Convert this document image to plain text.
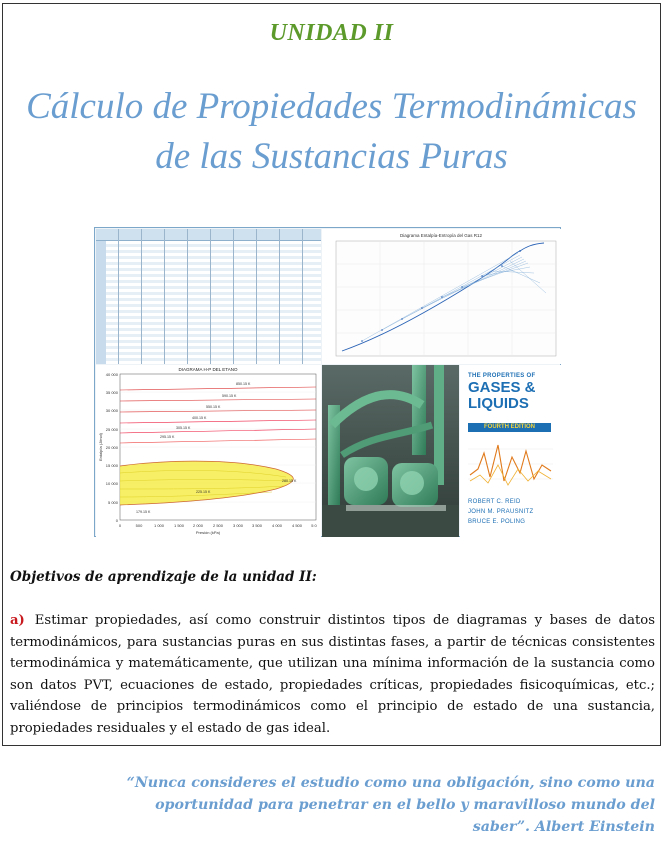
UNIDAD II
Cálculo de Propiedades Termodinámicas
de las Sustancias Puras
Diagrama Entalpía-Entropía del Gas R12
DIAGRAMA H-P DEL ETANO
40 000
35 000
30 000
25 000
20 000
15 000
10 000
5 000
0
0	500	1 000 1 500 2 000 2 500 3 000 3 500 4 000 4 500 5 0
Presión (kPa)
Entalpía (J/mol)
850.15 K
590.15 K
550.15 K
400.15 K
305.15 K
295.15 K
280.15 K
225.15 K
179.15 K
THE PROPERTIES OF
GASES &
LIQUIDS
FOURTH EDITION
ROBERT C. REID
JOHN M. PRAUSNITZ
BRUCE E. POLING
Objetivos de aprendizaje de la unidad II:
a) Estimar propiedades, así como construir distintos tipos de diagramas y bases de datos termodinámicos, para sustancias puras en sus distintas fases, a partir de técnicas consistentes termodinámica y matemáticamente, que utilizan una mínima información de la sustancia como son datos PVT, ecuaciones de estado, propiedades críticas, propiedades fisicoquímicas, etc.; valiéndose de principios termodinámicos como el principio de estado de una sustancia, propiedades residuales y el estado de gas ideal.
“Nunca consideres el estudio como una obligación, sino como una
oportunidad para penetrar en el bello y maravilloso mundo del
saber”. Albert Einstein
